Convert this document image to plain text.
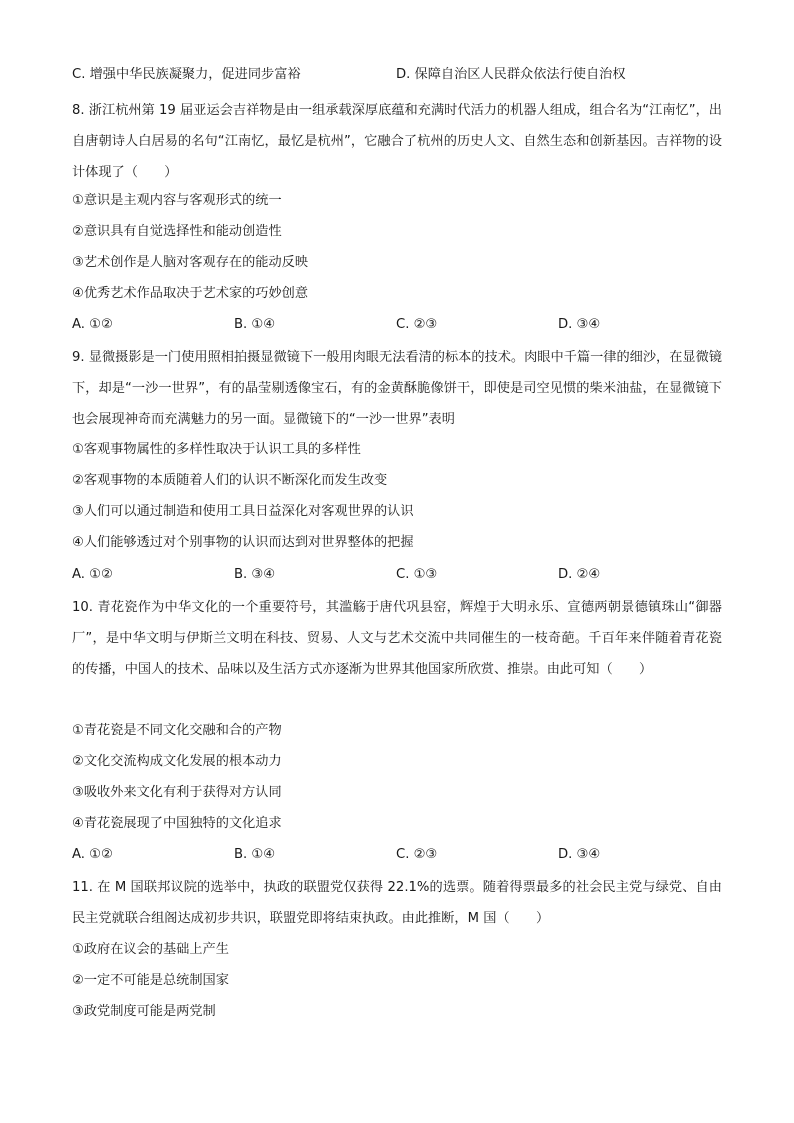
C. 增强中华民族凝聚力，促进同步富裕	D. 保障自治区人民群众依法行使自治权
8. 浙江杭州第 19 届亚运会吉祥物是由一组承载深厚底蕴和充满时代活力的机器人组成，组合名为“江南忆”，出自唐朝诗人白居易的名句“江南忆，最忆是杭州”，它融合了杭州的历史人文、自然生态和创新基因。吉祥物的设计体现了（　　）
①意识是主观内容与客观形式的统一
②意识具有自觉选择性和能动创造性
③艺术创作是人脑对客观存在的能动反映
④优秀艺术作品取决于艺术家的巧妙创意
A. ①②	B. ①④	C. ②③	D. ③④
9. 显微摄影是一门使用照相拍摄显微镜下一般用肉眼无法看清的标本的技术。肉眼中千篇一律的细沙，在显微镜下，却是“一沙一世界”，有的晶莹剔透像宝石，有的金黄酥脆像饼干，即使是司空见惯的柴米油盐，在显微镜下也会展现神奇而充满魅力的另一面。显微镜下的“一沙一世界”表明
①客观事物属性的多样性取决于认识工具的多样性
②客观事物的本质随着人们的认识不断深化而发生改变
③人们可以通过制造和使用工具日益深化对客观世界的认识
④人们能够透过对个别事物的认识而达到对世界整体的把握
A. ①②	B. ③④	C. ①③	D. ②④
10. 青花瓷作为中华文化的一个重要符号，其滥觞于唐代巩县窑，辉煌于大明永乐、宣德两朝景德镇珠山“御器厂”，是中华文明与伊斯兰文明在科技、贸易、人文与艺术交流中共同催生的一枝奇葩。千百年来伴随着青花瓷的传播，中国人的技术、品味以及生活方式亦逐渐为世界其他国家所欣赏、推崇。由此可知（　　）
①青花瓷是不同文化交融和合的产物
②文化交流构成文化发展的根本动力
③吸收外来文化有利于获得对方认同
④青花瓷展现了中国独特的文化追求
A. ①②	B. ①④	C. ②③	D. ③④
11. 在 M 国联邦议院的选举中，执政的联盟党仅获得 22.1%的选票。随着得票最多的社会民主党与绿党、自由民主党就联合组阁达成初步共识，联盟党即将结束执政。由此推断，M 国（　　）
①政府在议会的基础上产生
②一定不可能是总统制国家
③政党制度可能是两党制
